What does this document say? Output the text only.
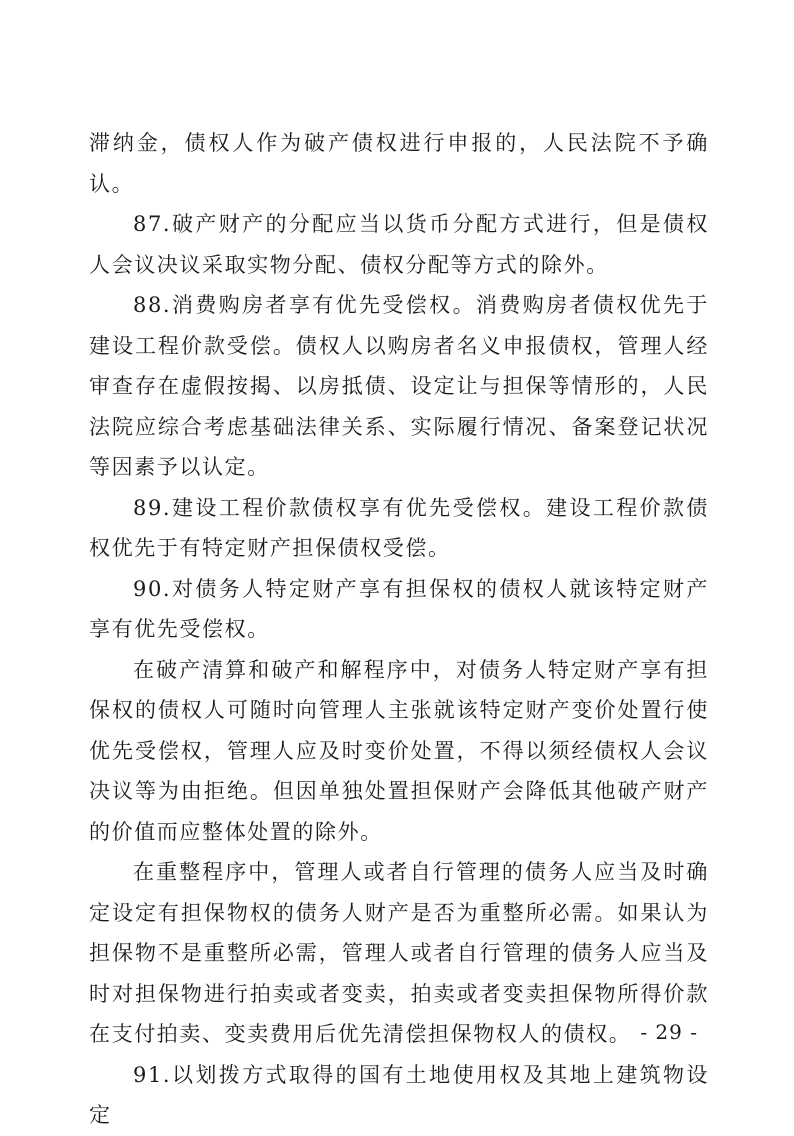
滞纳金，债权人作为破产债权进行申报的，人民法院不予确认。

87.破产财产的分配应当以货币分配方式进行，但是债权人会议决议采取实物分配、债权分配等方式的除外。

88.消费购房者享有优先受偿权。消费购房者债权优先于建设工程价款受偿。债权人以购房者名义申报债权，管理人经审查存在虚假按揭、以房抵债、设定让与担保等情形的，人民法院应综合考虑基础法律关系、实际履行情况、备案登记状况等因素予以认定。

89.建设工程价款债权享有优先受偿权。建设工程价款债权优先于有特定财产担保债权受偿。

90.对债务人特定财产享有担保权的债权人就该特定财产享有优先受偿权。

在破产清算和破产和解程序中，对债务人特定财产享有担保权的债权人可随时向管理人主张就该特定财产变价处置行使优先受偿权，管理人应及时变价处置，不得以须经债权人会议决议等为由拒绝。但因单独处置担保财产会降低其他破产财产的价值而应整体处置的除外。

在重整程序中，管理人或者自行管理的债务人应当及时确定设定有担保物权的债务人财产是否为重整所必需。如果认为担保物不是重整所必需，管理人或者自行管理的债务人应当及时对担保物进行拍卖或者变卖，拍卖或者变卖担保物所得价款在支付拍卖、变卖费用后优先清偿担保物权人的债权。

91.以划拨方式取得的国有土地使用权及其地上建筑物设定

- 29 -
